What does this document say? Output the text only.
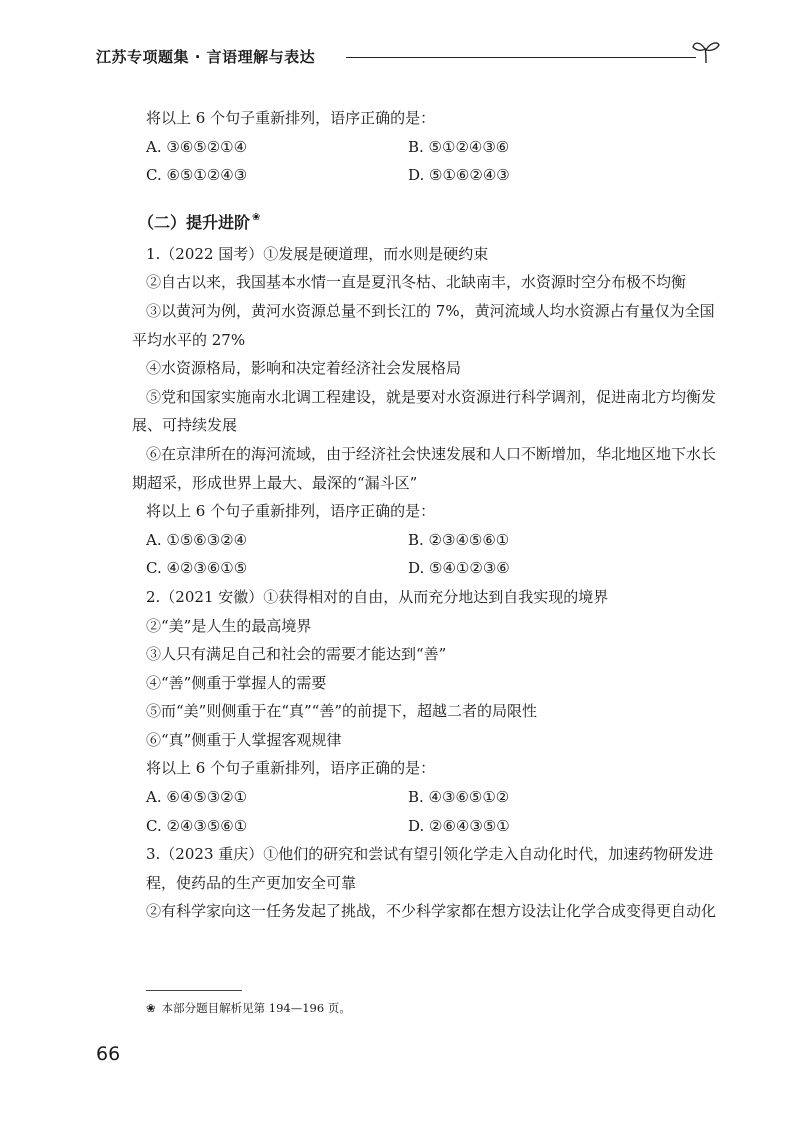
江苏专项题集 · 言语理解与表达
将以上 6 个句子重新排列，语序正确的是：
A. ③⑥⑤②①④	B. ⑤①②④③⑥
C. ⑥⑤①②④③	D. ⑤①⑥②④③
（二）提升进阶 ❀
1.（2022 国考）①发展是硬道理，而水则是硬约束
②自古以来，我国基本水情一直是夏汛冬枯、北缺南丰，水资源时空分布极不均衡
③以黄河为例，黄河水资源总量不到长江的 7%，黄河流域人均水资源占有量仅为全国平均水平的 27%
④水资源格局，影响和决定着经济社会发展格局
⑤党和国家实施南水北调工程建设，就是要对水资源进行科学调剂，促进南北方均衡发展、可持续发展
⑥在京津所在的海河流域，由于经济社会快速发展和人口不断增加，华北地区地下水长期超采，形成世界上最大、最深的“漏斗区”
将以上 6 个句子重新排列，语序正确的是：
A. ①⑤⑥③②④	B. ②③④⑤⑥①
C. ④②③⑥①⑤	D. ⑤④①②③⑥
2.（2021 安徽）①获得相对的自由，从而充分地达到自我实现的境界
②“美”是人生的最高境界
③人只有满足自己和社会的需要才能达到“善”
④“善”侧重于掌握人的需要
⑤而“美”则侧重于在“真”“善”的前提下，超越二者的局限性
⑥“真”侧重于人掌握客观规律
将以上 6 个句子重新排列，语序正确的是：
A. ⑥④⑤③②①	B. ④③⑥⑤①②
C. ②④③⑤⑥①	D. ②⑥④③⑤①
3.（2023 重庆）①他们的研究和尝试有望引领化学走入自动化时代，加速药物研发进程，使药品的生产更加安全可靠
②有科学家向这一任务发起了挑战，不少科学家都在想方设法让化学合成变得更自动化
❀ 本部分题目解析见第 194—196 页。
66
